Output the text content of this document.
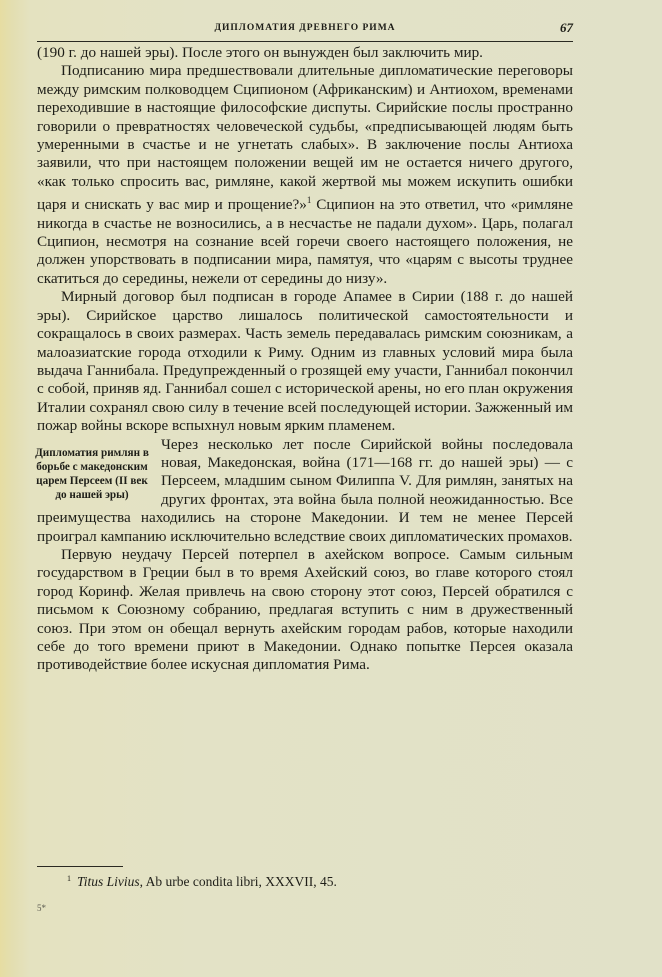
ДИПЛОМАТИЯ ДРЕВНЕГО РИМА	67

(190 г. до нашей эры). После этого он вынужден был заключить мир.

Подписанию мира предшествовали длительные дипломатические переговоры между римским полководцем Сципионом (Африканским) и Антиохом, временами переходившие в настоящие философские диспуты. Сирийские послы пространно говорили о превратностях человеческой судьбы, «предписывающей людям быть умеренными в счастье и не угнетать слабых». В заключение послы Антиоха заявили, что при настоящем положении вещей им не остается ничего другого, «как только спросить вас, римляне, какой жертвой мы можем искупить ошибки царя и снискать у вас мир и прощение?»$^1$ Сципион на это ответил, что «римляне никогда в счастье не возносились, а в несчастье не падали духом». Царь, полагал Сципион, несмотря на сознание всей горечи своего настоящего положения, не должен упорствовать в подписании мира, памятуя, что «царям с высоты труднее скатиться до середины, нежели от середины до низу».

Мирный договор был подписан в городе Апамее в Сирии (188 г. до нашей эры). Сирийское царство лишалось политической самостоятельности и сокращалось в своих размерах. Часть земель передавалась римским союзникам, а малоазиатские города отходили к Риму. Одним из главных условий мира была выдача Ганнибала. Предупрежденный о грозящей ему участи, Ганнибал покончил с собой, приняв яд. Ганнибал сошел с исторической арены, но его план окружения Италии сохранял свою силу в течение всей последующей истории. Зажженный им пожар войны вскоре вспыхнул новым ярким пламенем.

Дипломатия римлян в борьбе с македонским царем Персеем (II век до нашей эры)

Через несколько лет после Сирийской войны последовала новая, Македонская, война (171—168 гг. до нашей эры) — с Персеем, младшим сыном Филиппа V. Для римлян, занятых на других фронтах, эта война была полной неожиданностью. Все преимущества находились на стороне Македонии. И тем не менее Персей проиграл кампанию исключительно вследствие своих дипломатических промахов.

Первую неудачу Персей потерпел в ахейском вопросе. Самым сильным государством в Греции был в то время Ахейский союз, во главе которого стоял город Коринф. Желая привлечь на свою сторону этот союз, Персей обратился с письмом к Союзному собранию, предлагая вступить с ним в дружественный союз. При этом он обещал вернуть ахейским городам рабов, которые находили себе до того времени приют в Македонии. Однако попытке Персея оказала противодействие более искусная дипломатия Рима.

$^1$ Titus Livius, Ab urbe condita libri, XXXVII, 45.
5*
